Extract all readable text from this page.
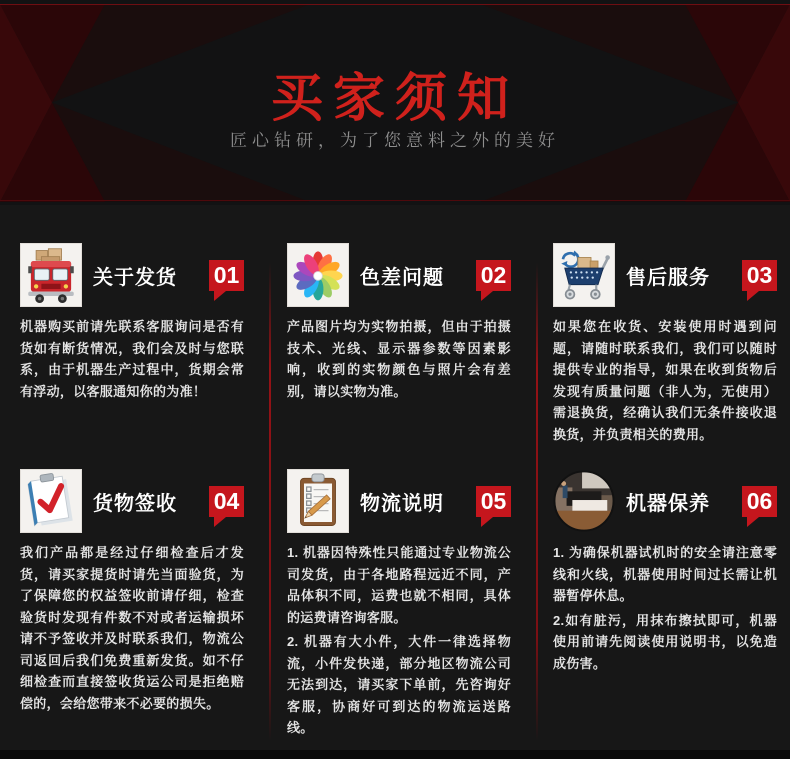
买家须知

匠心钻研，为了您意料之外的美好

关于发货 01

机器购买前请先联系客服询问是否有货如有断货情况，我们会及时与您联系，由于机器生产过程中，货期会常有浮动，以客服通知你的为准！

色差问题 02

产品图片均为实物拍摄，但由于拍摄技术、光线、显示器参数等因素影响，收到的实物颜色与照片会有差别，请以实物为准。

售后服务 03

如果您在收货、安装使用时遇到问题，请随时联系我们，我们可以随时提供专业的指导，如果在收到货物后发现有质量问题（非人为，无使用）需退换货，经确认我们无条件接收退换货，并负责相关的费用。

货物签收 04

我们产品都是经过仔细检查后才发货，请买家提货时请先当面验货，为了保障您的权益签收前请仔细，检查验货时发现有件数不对或者运输损坏请不予签收并及时联系我们，物流公司返回后我们免费重新发货。如不仔细检查而直接签收货运公司是拒绝赔偿的，会给您带来不必要的损失。

物流说明 05

1. 机器因特殊性只能通过专业物流公司发货，由于各地路程远近不同，产品体积不同，运费也就不相同，具体的运费请咨询客服。

2. 机器有大小件，大件一律选择物流，小件发快递，部分地区物流公司无法到达，请买家下单前，先咨询好客服，协商好可到达的物流运送路线。

机器保养 06

1. 为确保机器试机时的安全请注意零线和火线，机器使用时间过长需让机器暂停休息。

2.如有脏污，用抹布擦拭即可，机器使用前请先阅读使用说明书，以免造成伤害。
